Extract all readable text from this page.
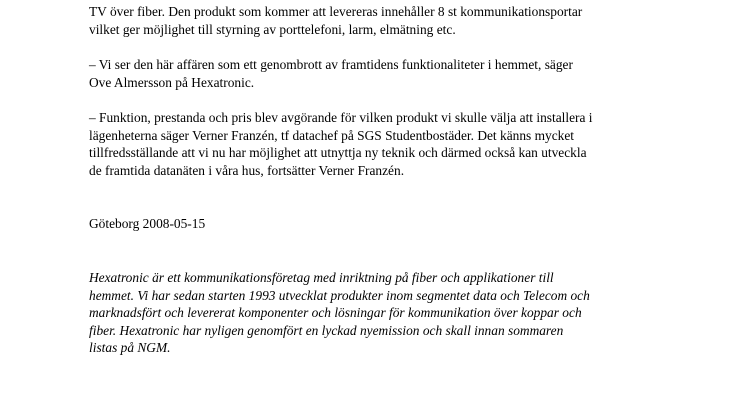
TV över fiber. Den produkt som kommer att levereras innehåller 8 st kommunikationsportar
vilket ger möjlighet till styrning av porttelefoni, larm, elmätning etc.

– Vi ser den här affären som ett genombrott av framtidens funktionaliteter i hemmet, säger
Ove Almersson på Hexatronic.

– Funktion, prestanda och pris blev avgörande för vilken produkt vi skulle välja att installera i
lägenheterna säger Verner Franzén, tf datachef på SGS Studentbostäder. Det känns mycket
tillfredsställande att vi nu har möjlighet att utnyttja ny teknik och därmed också kan utveckla
de framtida datanäten i våra hus, fortsätter Verner Franzén.

Göteborg 2008-05-15

Hexatronic är ett kommunikationsföretag med inriktning på fiber och applikationer till
hemmet. Vi har sedan starten 1993 utvecklat produkter inom segmentet data och Telecom och
marknadsfört och levererat komponenter och lösningar för kommunikation över koppar och
fiber. Hexatronic har nyligen genomfört en lyckad nyemission och skall innan sommaren
listas på NGM.
